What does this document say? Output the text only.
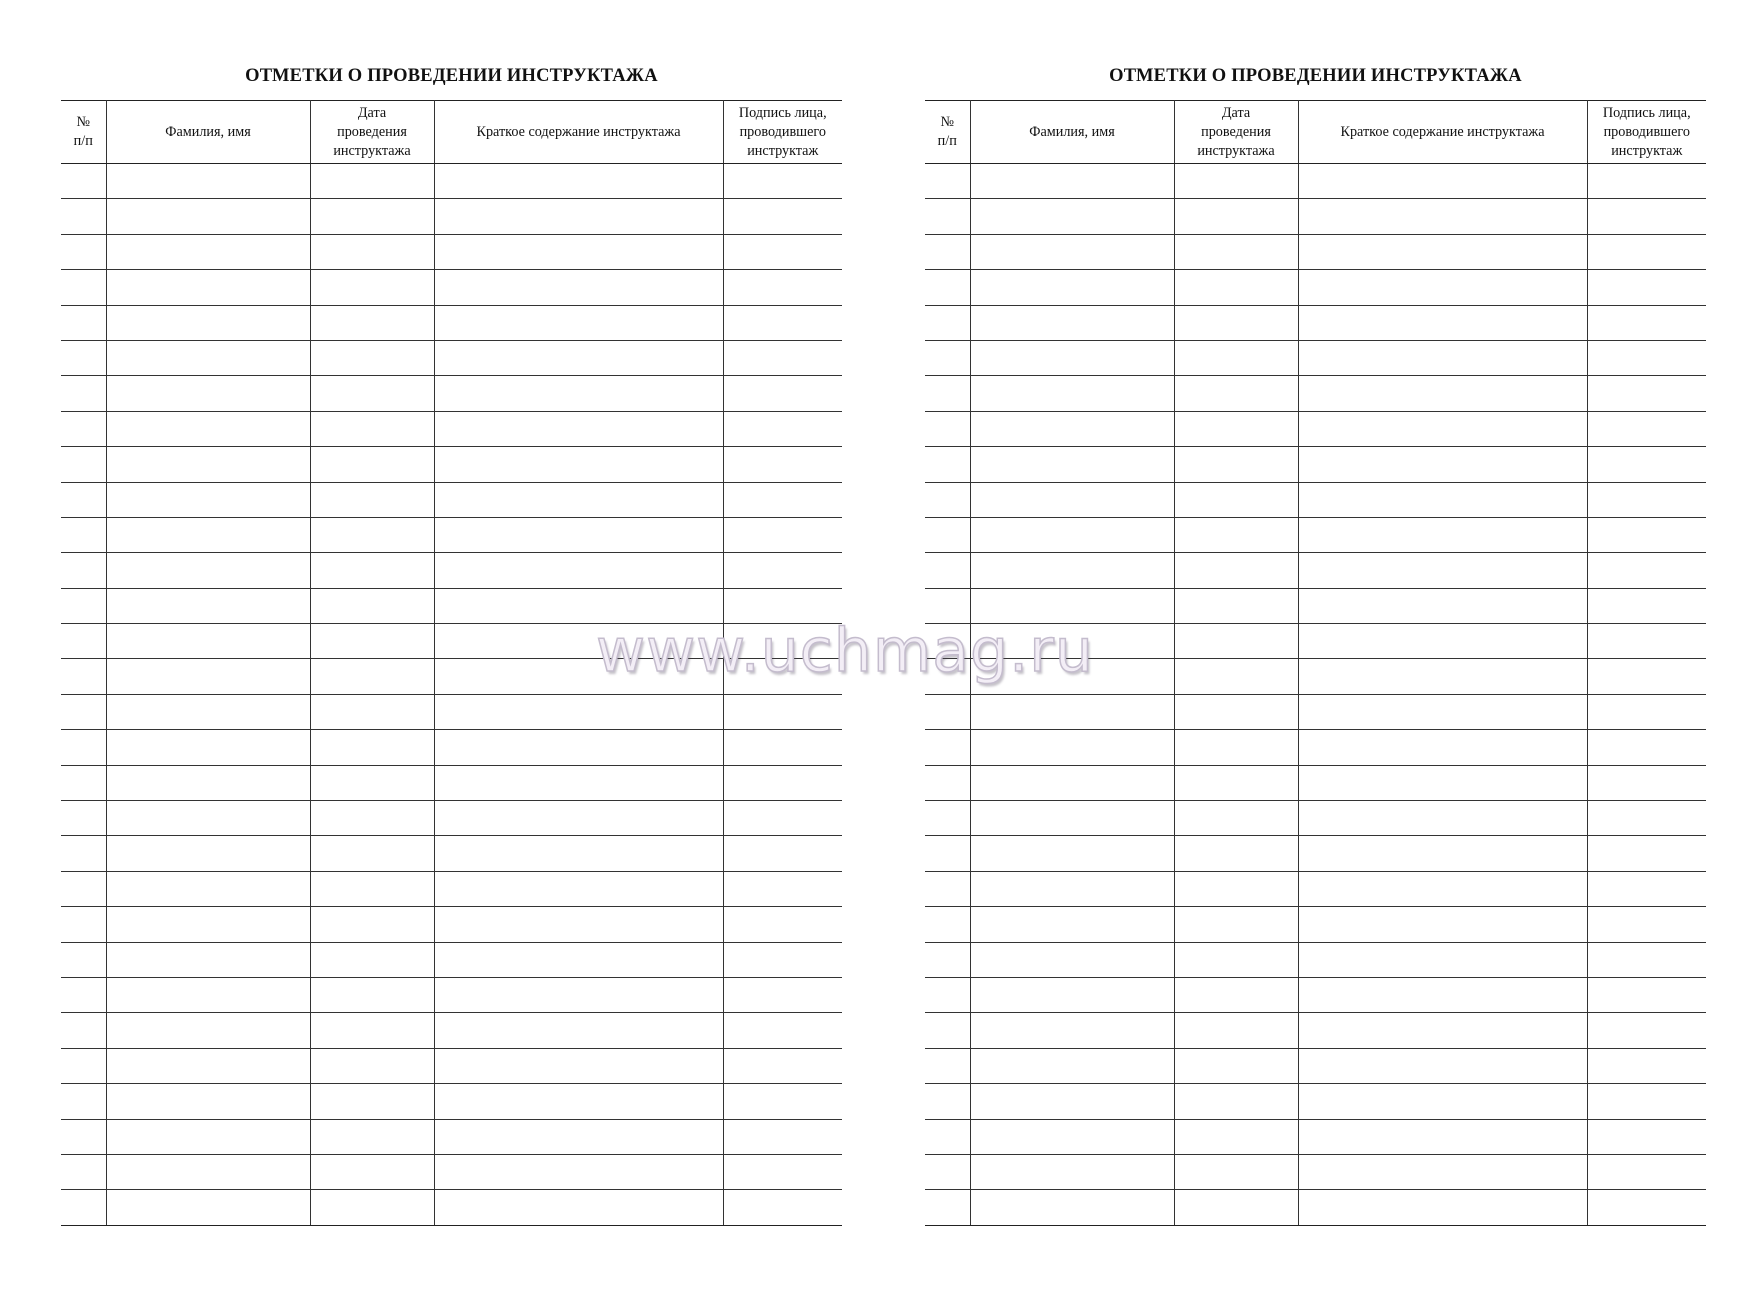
ОТМЕТКИ О ПРОВЕДЕНИИ ИНСТРУКТАЖА
№
п/п	Фамилия, имя	Дата
проведения
инструктажа	Краткое содержание инструктажа	Подпись лица,
проводившего
инструктаж

ОТМЕТКИ О ПРОВЕДЕНИИ ИНСТРУКТАЖА
№
п/п	Фамилия, имя	Дата
проведения
инструктажа	Краткое содержание инструктажа	Подпись лица,
проводившего
инструктаж

www.uchmag.ru
